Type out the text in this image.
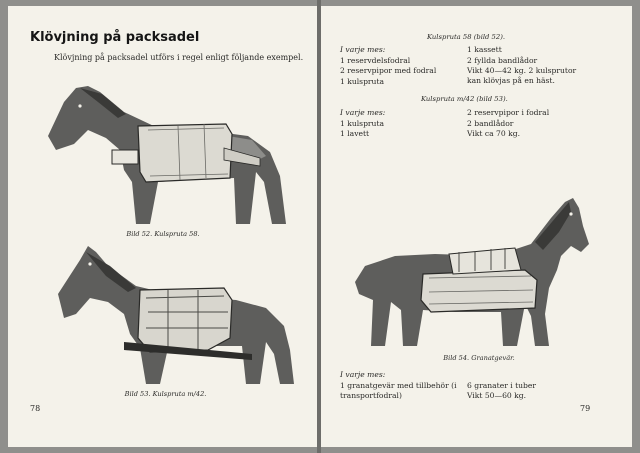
Klövjning på packsadel
Klövjning på packsadel utförs i regel enligt följande exempel.
Bild 52. Kulspruta 58.
Bild 53. Kulspruta m/42.
78
Kulspruta 58 (bild 52).
I varje mes:
1 reservdelsfodral
2 reservpipor med fodral
1 kulspruta
1 kassett
2 fyllda bandlådor
Vikt 40—42 kg. 2 kulsprutor kan klövjas på en häst.
Kulspruta m/42 (bild 53).
I varje mes:
1 kulspruta
1 lavett
2 reservpipor i fodral
2 bandlådor
Vikt ca 70 kg.
Bild 54. Granatgevär.
I varje mes:
1 granatgevär med tillbehör (i transportfodral)
6 granater i tuber
Vikt 50—60 kg.
79
